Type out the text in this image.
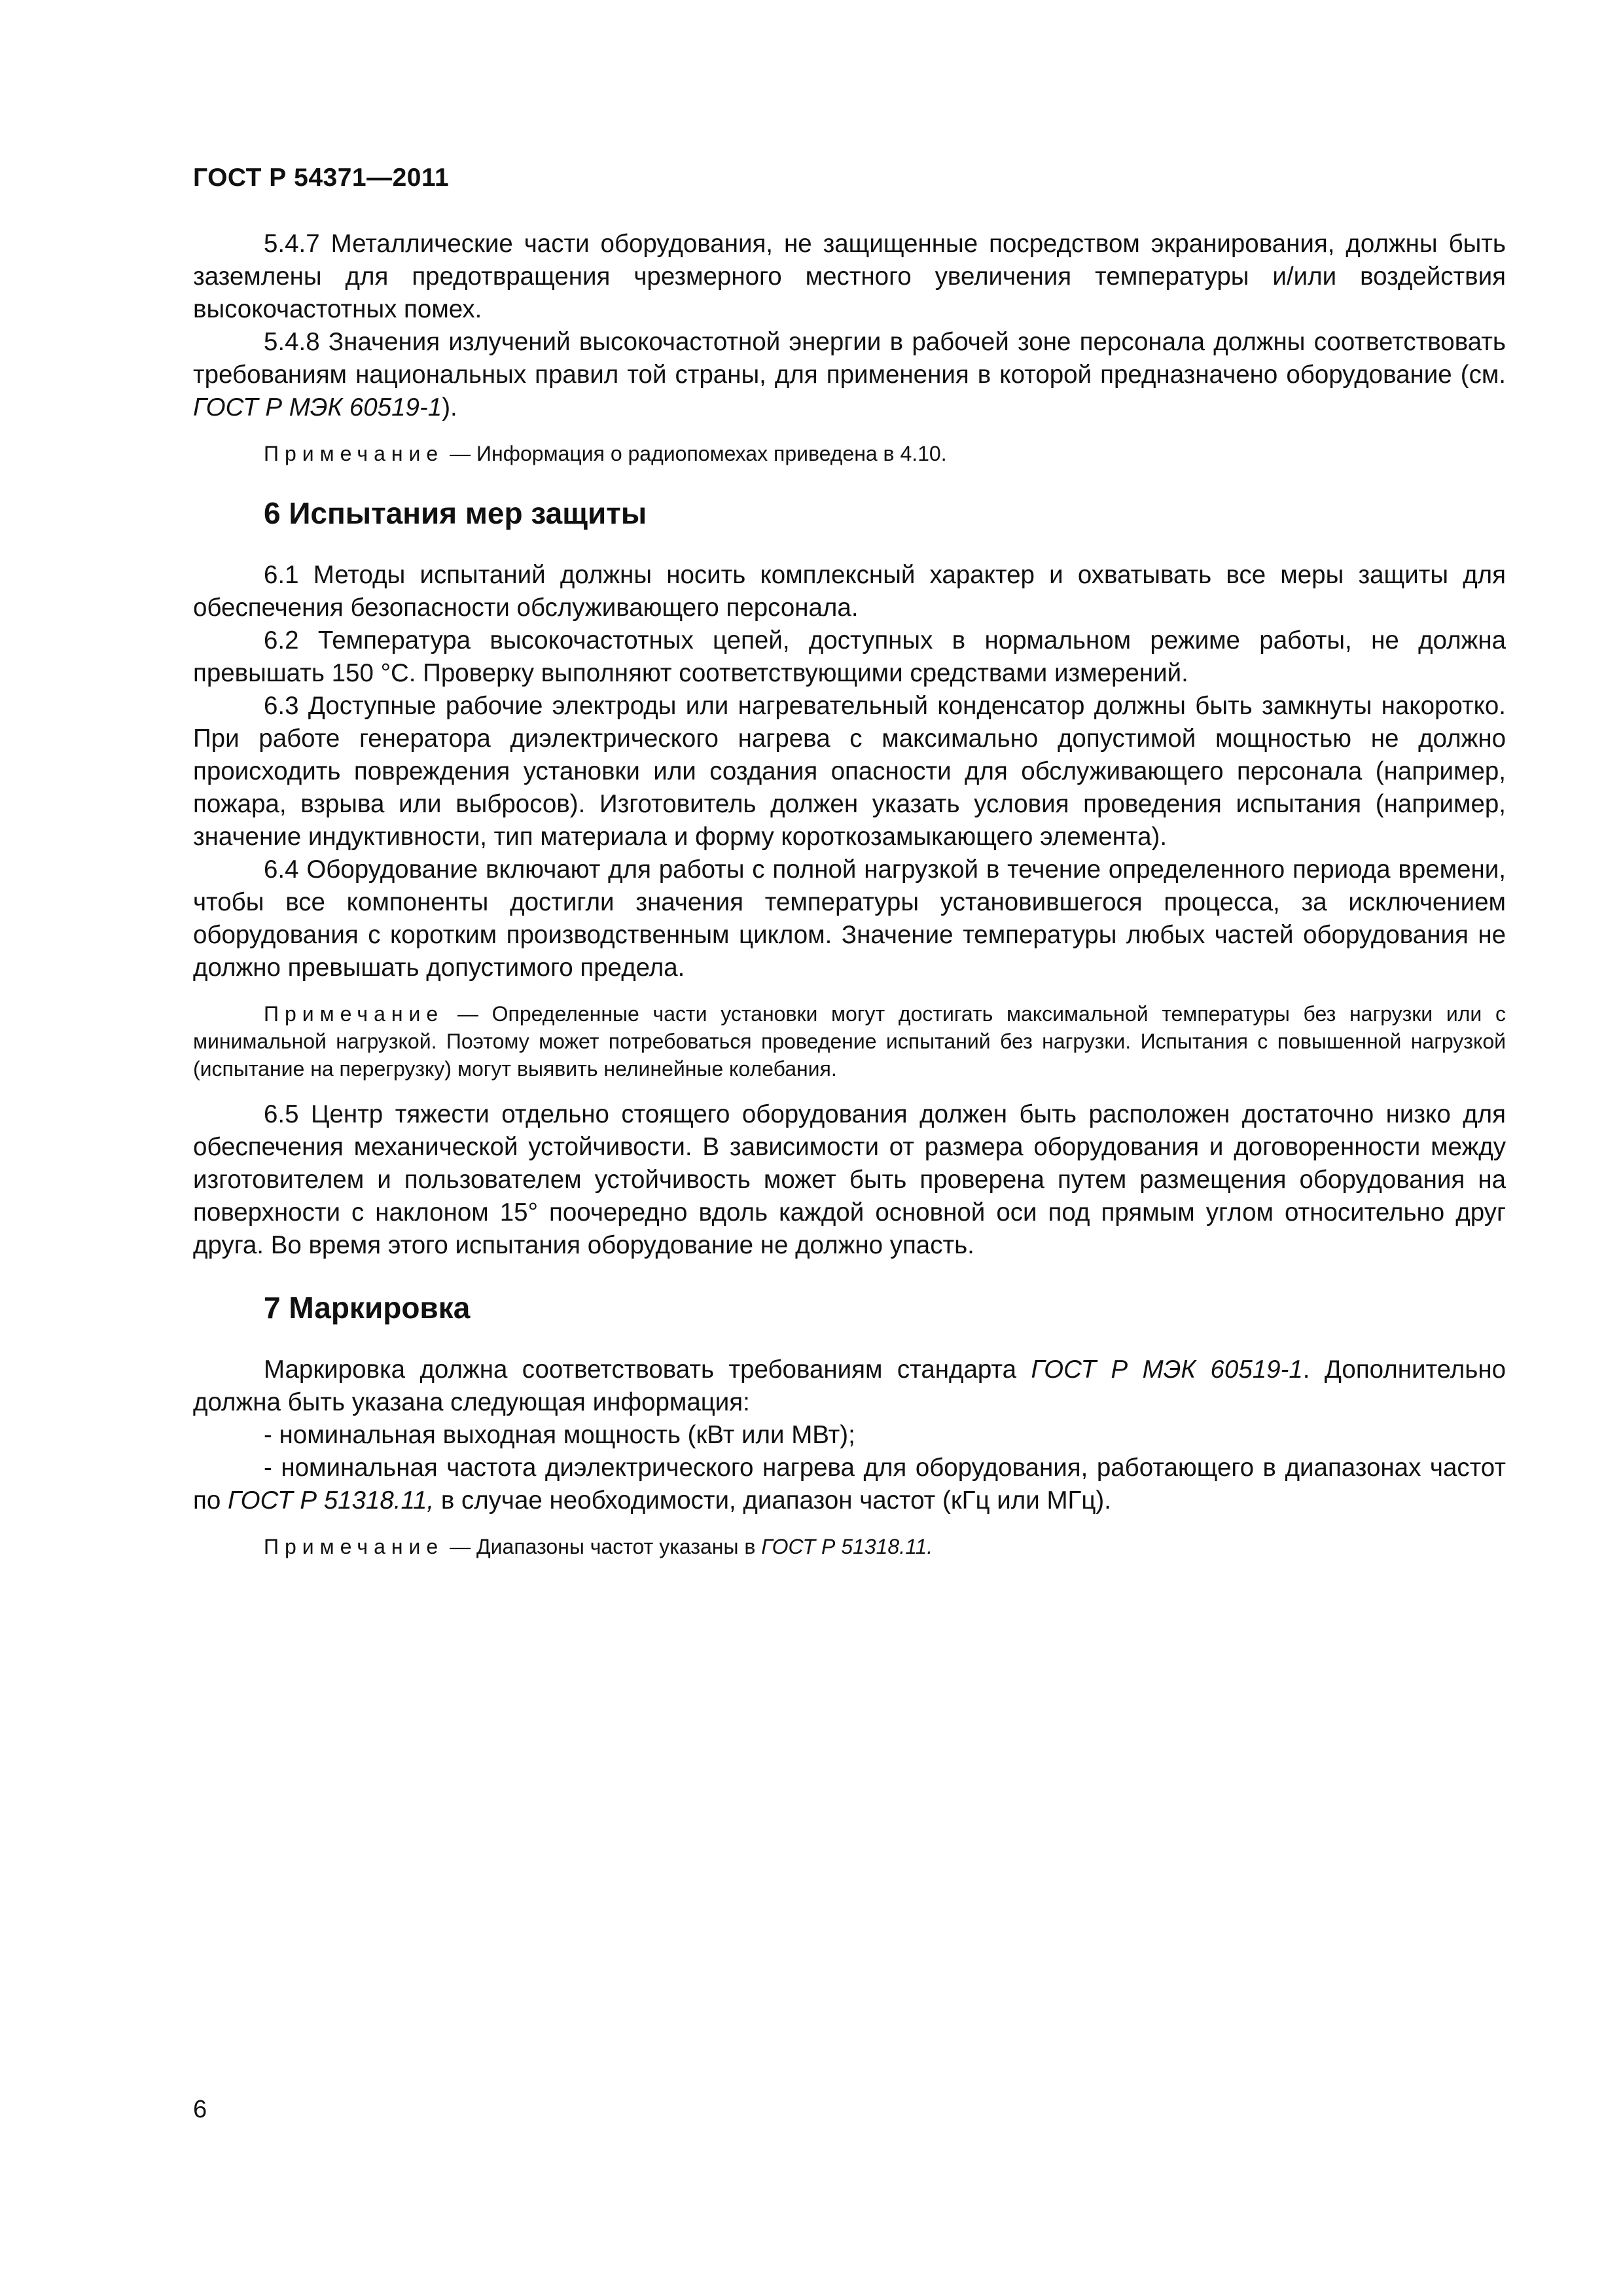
ГОСТ Р 54371—2011

5.4.7 Металлические части оборудования, не защищенные посредством экранирования, должны быть заземлены для предотвращения чрезмерного местного увеличения температуры и/или воздействия высокочастотных помех.

5.4.8 Значения излучений высокочастотной энергии в рабочей зоне персонала должны соответствовать требованиям национальных правил той страны, для применения в которой предназначено оборудование (см. ГОСТ Р МЭК 60519-1).

Примечание — Информация о радиопомехах приведена в 4.10.

6 Испытания мер защиты

6.1 Методы испытаний должны носить комплексный характер и охватывать все меры защиты для обеспечения безопасности обслуживающего персонала.

6.2 Температура высокочастотных цепей, доступных в нормальном режиме работы, не должна превышать 150 °С. Проверку выполняют соответствующими средствами измерений.

6.3 Доступные рабочие электроды или нагревательный конденсатор должны быть замкнуты накоротко. При работе генератора диэлектрического нагрева с максимально допустимой мощностью не должно происходить повреждения установки или создания опасности для обслуживающего персонала (например, пожара, взрыва или выбросов). Изготовитель должен указать условия проведения испытания (например, значение индуктивности, тип материала и форму короткозамыкающего элемента).

6.4 Оборудование включают для работы с полной нагрузкой в течение определенного периода времени, чтобы все компоненты достигли значения температуры установившегося процесса, за исключением оборудования с коротким производственным циклом. Значение температуры любых частей оборудования не должно превышать допустимого предела.

Примечание — Определенные части установки могут достигать максимальной температуры без нагрузки или с минимальной нагрузкой. Поэтому может потребоваться проведение испытаний без нагрузки. Испытания с повышенной нагрузкой (испытание на перегрузку) могут выявить нелинейные колебания.

6.5 Центр тяжести отдельно стоящего оборудования должен быть расположен достаточно низко для обеспечения механической устойчивости. В зависимости от размера оборудования и договоренности между изготовителем и пользователем устойчивость может быть проверена путем размещения оборудования на поверхности с наклоном 15° поочередно вдоль каждой основной оси под прямым углом относительно друг друга. Во время этого испытания оборудование не должно упасть.

7 Маркировка

Маркировка должна соответствовать требованиям стандарта ГОСТ Р МЭК 60519-1. Дополнительно должна быть указана следующая информация:

- номинальная выходная мощность (кВт или МВт);

- номинальная частота диэлектрического нагрева для оборудования, работающего в диапазонах частот по ГОСТ Р 51318.11, в случае необходимости, диапазон частот (кГц или МГц).

Примечание — Диапазоны частот указаны в ГОСТ Р 51318.11.

6
